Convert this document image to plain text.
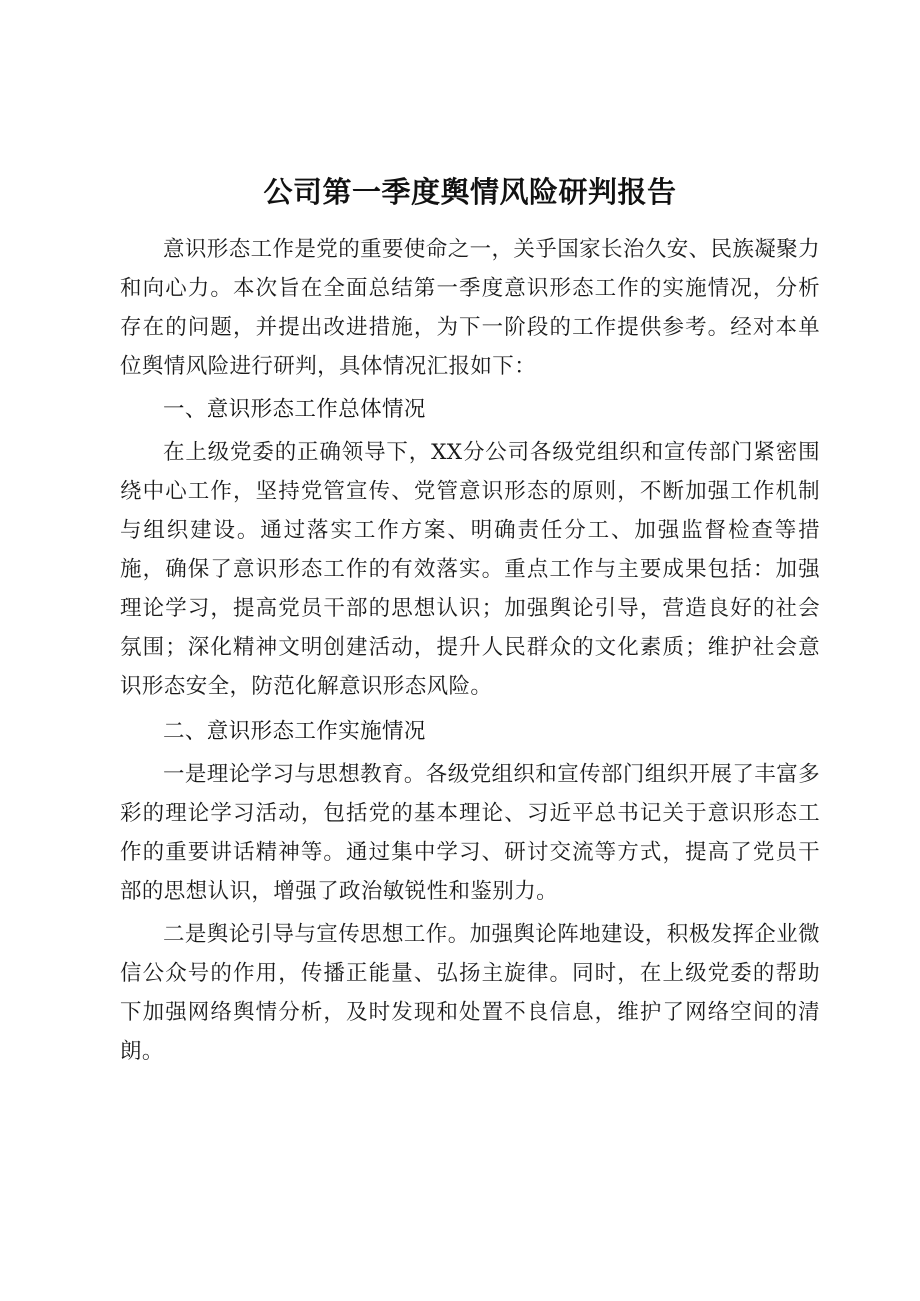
公司第一季度舆情风险研判报告

意识形态工作是党的重要使命之一，关乎国家长治久安、民族凝聚力和向心力。本次旨在全面总结第一季度意识形态工作的实施情况，分析存在的问题，并提出改进措施，为下一阶段的工作提供参考。经对本单位舆情风险进行研判，具体情况汇报如下：

一、意识形态工作总体情况

在上级党委的正确领导下，XX分公司各级党组织和宣传部门紧密围绕中心工作，坚持党管宣传、党管意识形态的原则，不断加强工作机制与组织建设。通过落实工作方案、明确责任分工、加强监督检查等措施，确保了意识形态工作的有效落实。重点工作与主要成果包括：加强理论学习，提高党员干部的思想认识；加强舆论引导，营造良好的社会氛围；深化精神文明创建活动，提升人民群众的文化素质；维护社会意识形态安全，防范化解意识形态风险。

二、意识形态工作实施情况

一是理论学习与思想教育。各级党组织和宣传部门组织开展了丰富多彩的理论学习活动，包括党的基本理论、习近平总书记关于意识形态工作的重要讲话精神等。通过集中学习、研讨交流等方式，提高了党员干部的思想认识，增强了政治敏锐性和鉴别力。

二是舆论引导与宣传思想工作。加强舆论阵地建设，积极发挥企业微信公众号的作用，传播正能量、弘扬主旋律。同时，在上级党委的帮助下加强网络舆情分析，及时发现和处置不良信息，维护了网络空间的清朗。
